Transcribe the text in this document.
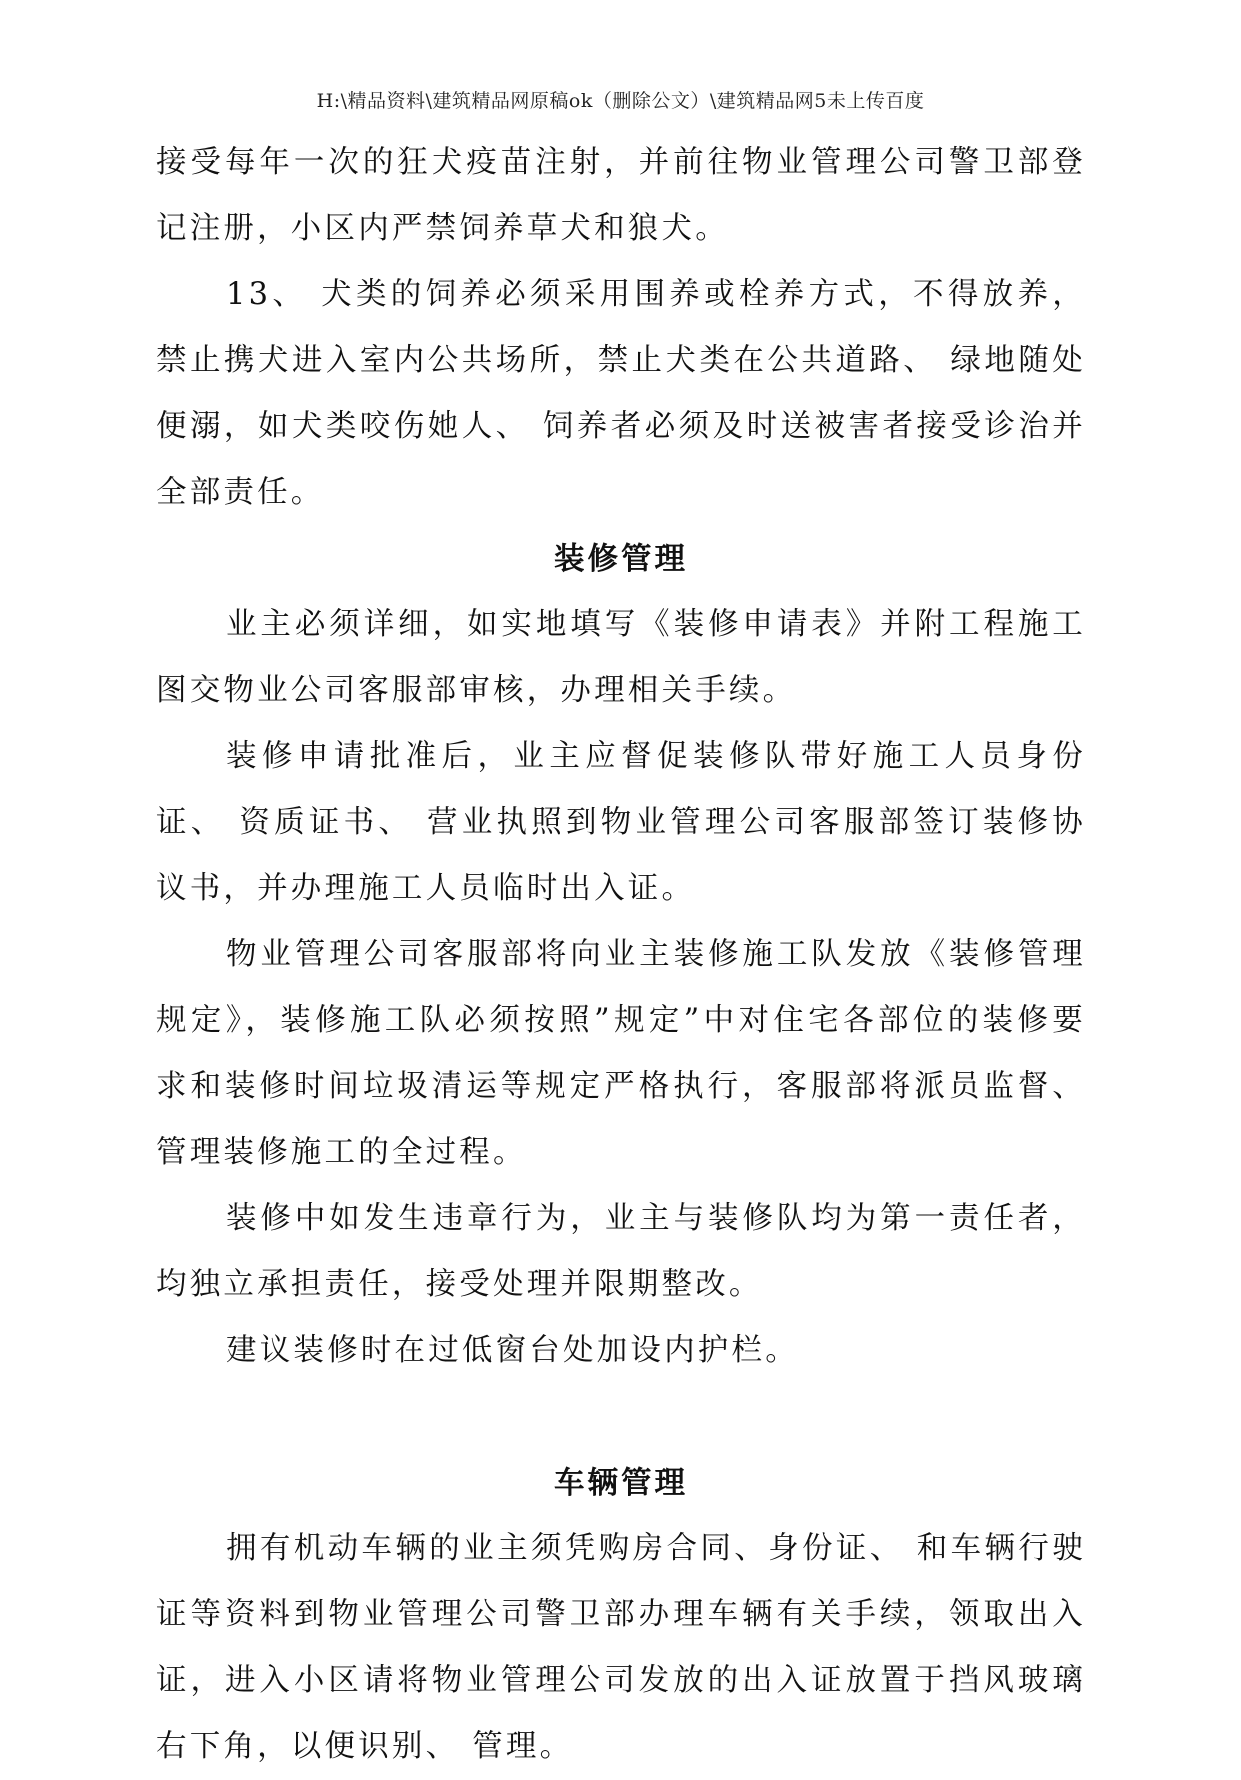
H:\精品资料\建筑精品网原稿ok（删除公文）\建筑精品网5未上传百度

接受每年一次的狂犬疫苗注射，并前往物业管理公司警卫部登记注册，小区内严禁饲养草犬和狼犬。

13、 犬类的饲养必须采用围养或栓养方式，不得放养，禁止携犬进入室内公共场所，禁止犬类在公共道路、 绿地随处便溺，如犬类咬伤她人、 饲养者必须及时送被害者接受诊治并全部责任。

装修管理

业主必须详细，如实地填写《装修申请表》并附工程施工图交物业公司客服部审核，办理相关手续。

装修申请批准后，业主应督促装修队带好施工人员身份证、 资质证书、 营业执照到物业管理公司客服部签订装修协议书，并办理施工人员临时出入证。

物业管理公司客服部将向业主装修施工队发放《装修管理规定》，装修施工队必须按照”规定”中对住宅各部位的装修要求和装修时间垃圾清运等规定严格执行，客服部将派员监督、 管理装修施工的全过程。

装修中如发生违章行为，业主与装修队均为第一责任者，均独立承担责任，接受处理并限期整改。

建议装修时在过低窗台处加设内护栏。

车辆管理

拥有机动车辆的业主须凭购房合同、身份证、 和车辆行驶证等资料到物业管理公司警卫部办理车辆有关手续，领取出入证，进入小区请将物业管理公司发放的出入证放置于挡风玻璃右下角，以便识别、 管理。
